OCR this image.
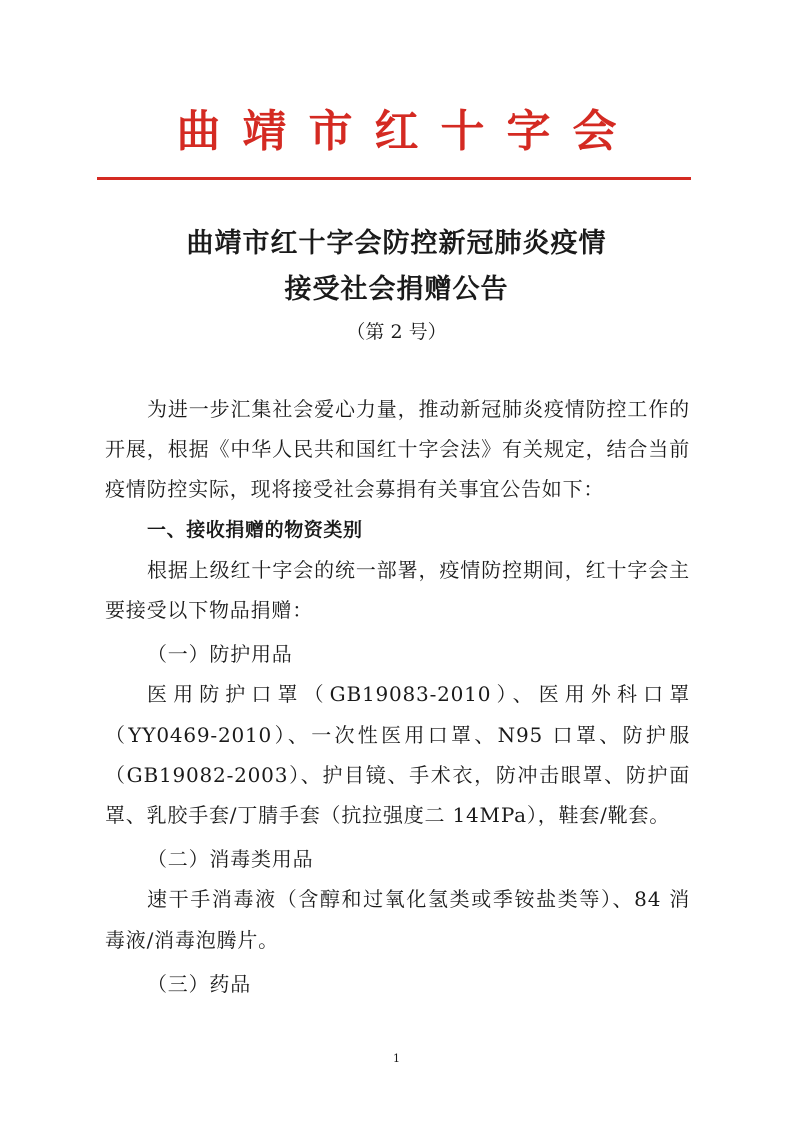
曲靖市红十字会
曲靖市红十字会防控新冠肺炎疫情
接受社会捐赠公告
（第 2 号）

为进一步汇集社会爱心力量，推动新冠肺炎疫情防控工作的开展，根据《中华人民共和国红十字会法》有关规定，结合当前疫情防控实际，现将接受社会募捐有关事宜公告如下：

一、接收捐赠的物资类别

根据上级红十字会的统一部署，疫情防控期间，红十字会主要接受以下物品捐赠：

（一）防护用品

医用防护口罩（GB19083-2010）、医用外科口罩（YY0469-2010）、一次性医用口罩、N95 口罩、防护服（GB19082-2003）、护目镜、手术衣，防冲击眼罩、防护面罩、乳胶手套/丁腈手套（抗拉强度二 14MPa），鞋套/靴套。

（二）消毒类用品

速干手消毒液（含醇和过氧化氢类或季铵盐类等）、84 消毒液/消毒泡腾片。

（三）药品

1
